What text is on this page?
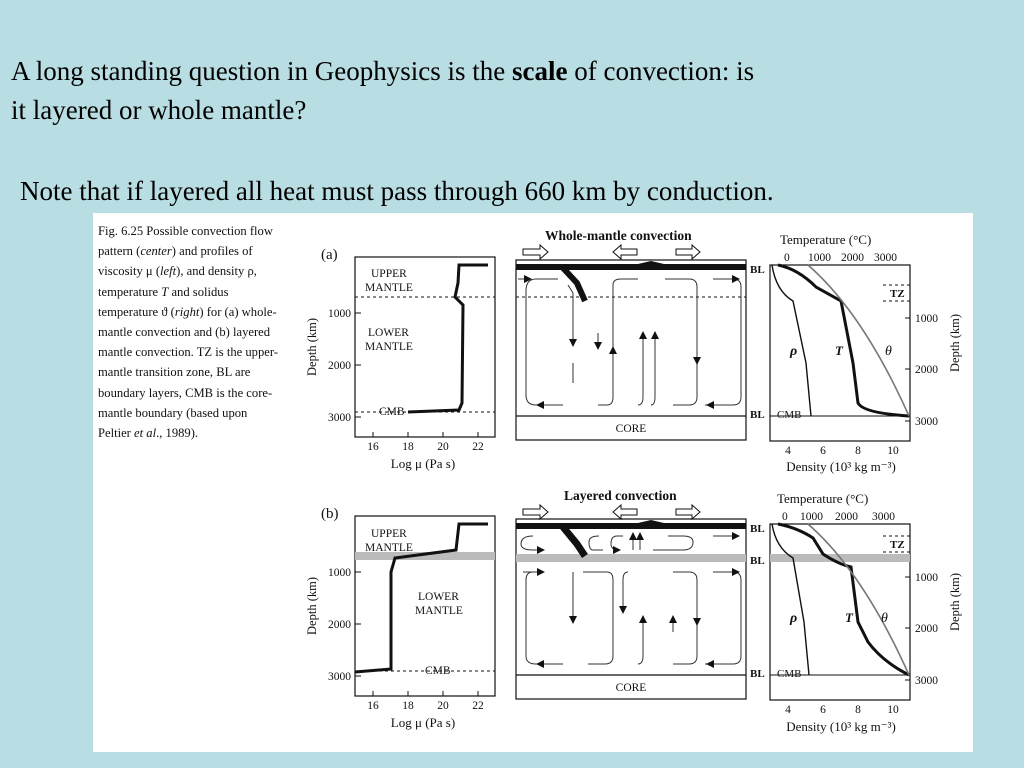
A long standing question in Geophysics is the scale of convection: is
it layered or whole mantle?
Note that if layered all heat must pass through 660 km by conduction.
Fig. 6.25 Possible convection flow pattern (center) and profiles of viscosity μ (left), and density ρ, temperature T and solidus temperature ϑ (right) for (a) whole-mantle convection and (b) layered mantle convection. TZ is the upper-mantle transition zone, BL are boundary layers, CMB is the core-mantle boundary (based upon Peltier et al., 1989).
(a)
UPPER
MANTLE
LOWER
MANTLE
CMB
1000
2000
3000
Depth (km)
16 18 20 22
Log μ (Pa s)
Whole-mantle convection
CORE
Temperature (°C)
0 1000 2000 3000
BL
BL CMB
TZ
ρ	T	θ
1000
2000
3000
Depth (km)
4	6	8 10
Density (10³ kg m⁻³)
(b)
UPPER
MANTLE
LOWER
MANTLE
CMB
1000
2000
3000
Depth (km)
16 18 20 22
Log μ (Pa s)
Layered convection
CORE
Temperature (°C)
0 1000 2000 3000
BL
BL
BL CMB
TZ
ρ	T θ
1000
2000
3000
Depth (km)
4	6	8 10
Density (10³ kg m⁻³)
